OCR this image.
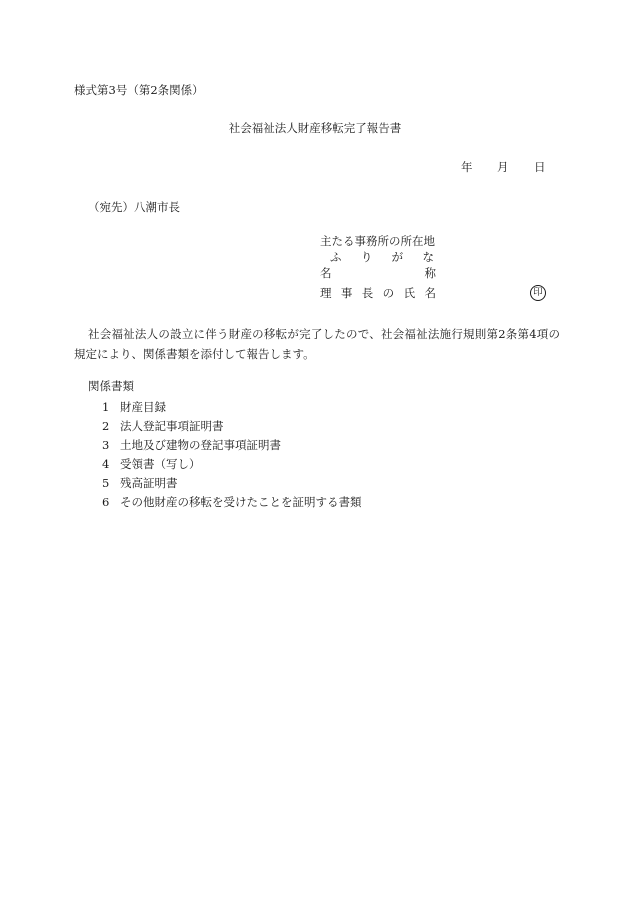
様式第3号（第2条関係）
社会福祉法人財産移転完了報告書
年 月 日
（宛先）八潮市長
主たる事務所の所在地
ふ り が な
名	称
理 事 長 の 氏 名	印
社会福祉法人の設立に伴う財産の移転が完了したので、社会福祉法施行規則第2条第4項の規定により、関係書類を添付して報告します。
関係書類
1 財産目録
2 法人登記事項証明書
3 土地及び建物の登記事項証明書
4 受領書（写し）
5 残高証明書
6 その他財産の移転を受けたことを証明する書類
